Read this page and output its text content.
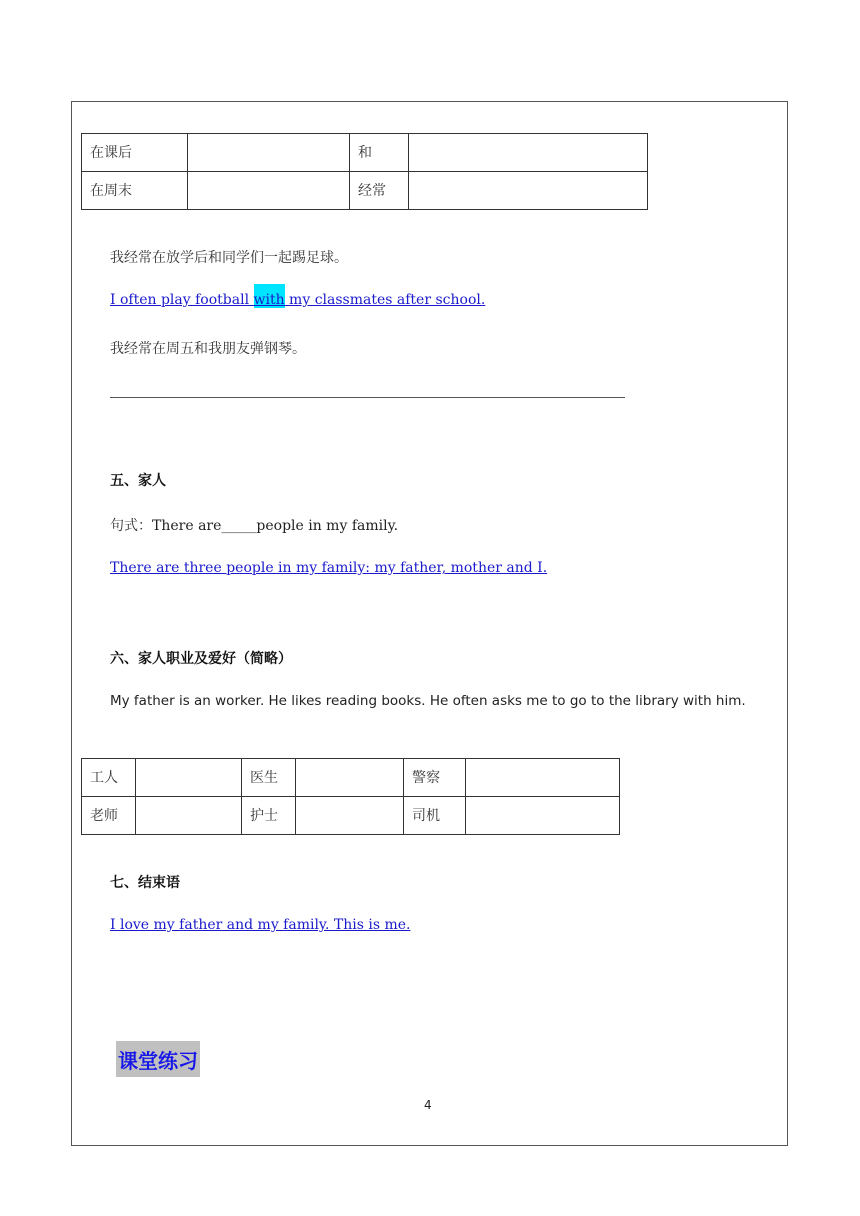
在课后		和	
在周末		经常	
我经常在放学后和同学们一起踢足球。
I often play football with my classmates after school.
我经常在周五和我朋友弹钢琴。
五、家人
句式：There are_____people in my family.
There are three people in my family: my father, mother and I.
六、家人职业及爱好（简略）
My father is an worker. He likes reading books. He often asks me to go to the library with him.
工人		医生		警察	
老师		护士		司机	
七、结束语
I love my father and my family. This is me.
课堂练习
4
